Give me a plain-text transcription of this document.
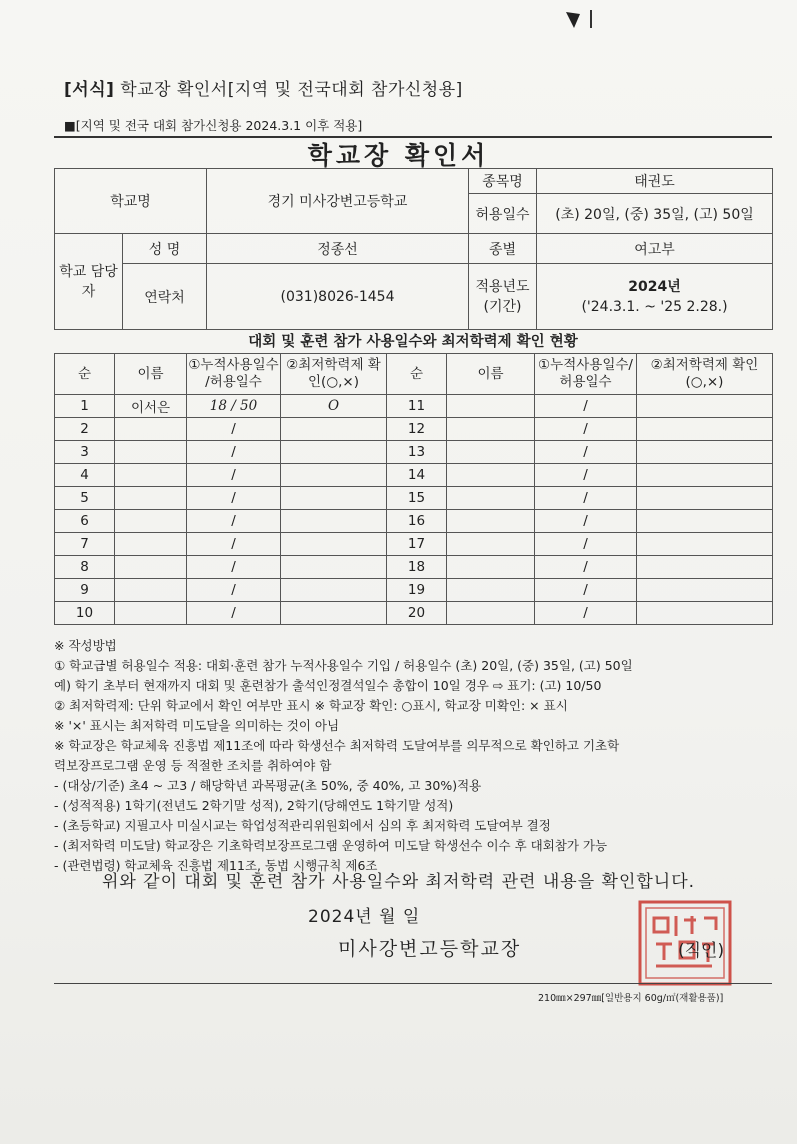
[서식] 학교장 확인서[지역 및 전국대회 참가신청용]
■[지역 및 전국 대회 참가신청용 2024.3.1 이후 적용]
학교장 확인서
학교명		경기 미사강변고등학교	종목명	태권도
			허용일수	(초) 20일, (중) 35일, (고) 50일
학교 담당자	성 명	정종선	종별	여고부
	연락처	(031)8026-1454	적용년도 (기간)	2024년
('24.3.1. ~ '25 2.28.)
대회 및 훈련 참가 사용일수와 최저학력제 확인 현황
순	이름	①누적사용일수 /허용일수	②최저학력제 확인(○,×)	순	이름	①누적사용일수/ 허용일수	②최저학력제 확인(○,×)
1	이서은	18 / 50	O	11		/	
2		/		12		/	
3		/		13		/	
4		/		14		/	
5		/		15		/	
6		/		16		/	
7		/		17		/	
8		/		18		/	
9		/		19		/	
10		/		20		/	
※ 작성방법
① 학교급별 허용일수 적용: 대회·훈련 참가 누적사용일수 기입 / 허용일수 (초) 20일, (중) 35일, (고) 50일
예) 학기 초부터 현재까지 대회 및 훈련참가 출석인정결석일수 총합이 10일 경우 ⇨ 표기: (고) 10/50
② 최저학력제: 단위 학교에서 확인 여부만 표시 ※ 학교장 확인: ○표시, 학교장 미확인: × 표시
※ '×' 표시는 최저학력 미도달을 의미하는 것이 아님
※ 학교장은 학교체육 진흥법 제11조에 따라 학생선수 최저학력 도달여부를 의무적으로 확인하고 기초학
력보장프로그램 운영 등 적절한 조치를 취하여야 함
- (대상/기준) 초4 ~ 고3 / 해당학년 과목평균(초 50%, 중 40%, 고 30%)적용
- (성적적용) 1학기(전년도 2학기말 성적), 2학기(당해연도 1학기말 성적)
- (초등학교) 지필고사 미실시교는 학업성적관리위원회에서 심의 후 최저학력 도달여부 결정
- (최저학력 미도달) 학교장은 기초학력보장프로그램 운영하여 미도달 학생선수 이수 후 대회참가 가능
- (관련법령) 학교체육 진흥법 제11조, 동법 시행규칙 제6조
위와 같이 대회 및 훈련 참가 사용일수와 최저학력 관련 내용을 확인합니다.
2024년 월 일
미사강변고등학교장	(직인)
210㎜×297㎜[일반용지 60g/㎡(재활용품)]
